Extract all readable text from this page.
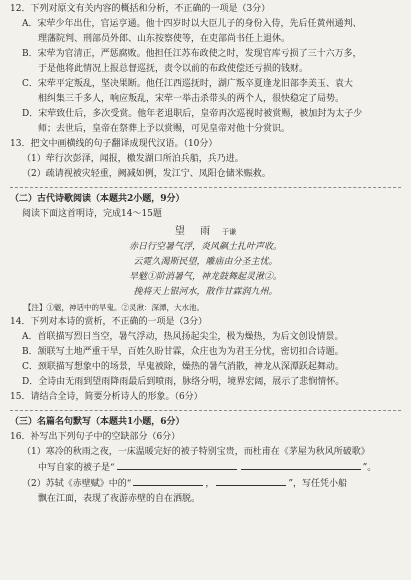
12．下列对原文有关内容的概括和分析，不正确的一项是（3分）
A．宋荦少年出仕，官运亨通。他十四岁时以大臣儿子的身份入侍，先后任黄州通判、
理藩院判、刑部员外郎、山东按察使等，在吏部尚书任上退休。
B．宋荦为官清正，严惩腐败。他担任江苏布政使之时，发现官库亏损了三十六万多，
于是他将此情况上报总督巡抚，责令以前的布政使偿还亏损的钱财。
C．宋荦平定叛乱，坚决果断。他任江西巡抚时，湖广叛卒夏逢龙旧部李美玉、袁大
相纠集三千多人，响应叛乱，宋荦一举击杀带头的两个人，很快稳定了局势。
D．宋荦致仕后，多次受赏。他年老退职后，皇帝再次巡视时被赏赐，被加封为太子少
师；去世后，皇帝在祭葬上予以赏赐，可见皇帝对他十分赏识。
13．把文中画横线的句子翻译成现代汉语。（10分）
（1）荦行次彭泽，闻报，檄发湖口所泊兵船，兵乃进。
（2）疏请视被灾轻重，阙减如例，发江宁、凤阳仓储米赈救。
（二）古代诗歌阅读（本题共2小题，9分）
阅读下面这首明诗，完成14～15题
望 雨 于谦
赤日行空暑气浮，炎风飙土扎叶声收。
云霓久渴斯民望，雕庙由分圣主忧。
旱魃①阶消暑气，神龙鼓舞起灵湫②。
挽将天上银河水，散作甘霖润九州。
【注】①魃，神话中的旱鬼。②灵湫：深潭，大水池。
14．下列对本诗的赏析，不正确的一项是（3分）
A．首联描写烈日当空，暑气浮动，热风扬起尖尘，极为燥热，为后文创设情景。
B．颔联写土地严重干旱，百姓久盼甘霖，众庄也为为君王分忧，密切扣合诗题。
C．颈联描写想象中的场景，旱鬼被除，燥热的暑气消散，神龙从深潭跃起舞动。
D．全诗由无雨到望雨降雨最后到喷雨，脉络分明，境界宏阔，展示了悲悯情怀。
15．请结合全诗，简要分析诗人的形象。（6分）
（三）名篇名句默写（本题共1小题，6分）
16．补写出下列句子中的空缺部分（6分）
（1）寒冷的秋雨之夜，一床温暖完好的被子特别宝贵，而杜甫在《茅屋为秋风所破歌》
中写自家的被子是“	”。
（2）苏轼《赤壁赋》中的“	，	”，写任凭小船
飘在江面，表现了夜游赤壁的自在洒脱。
